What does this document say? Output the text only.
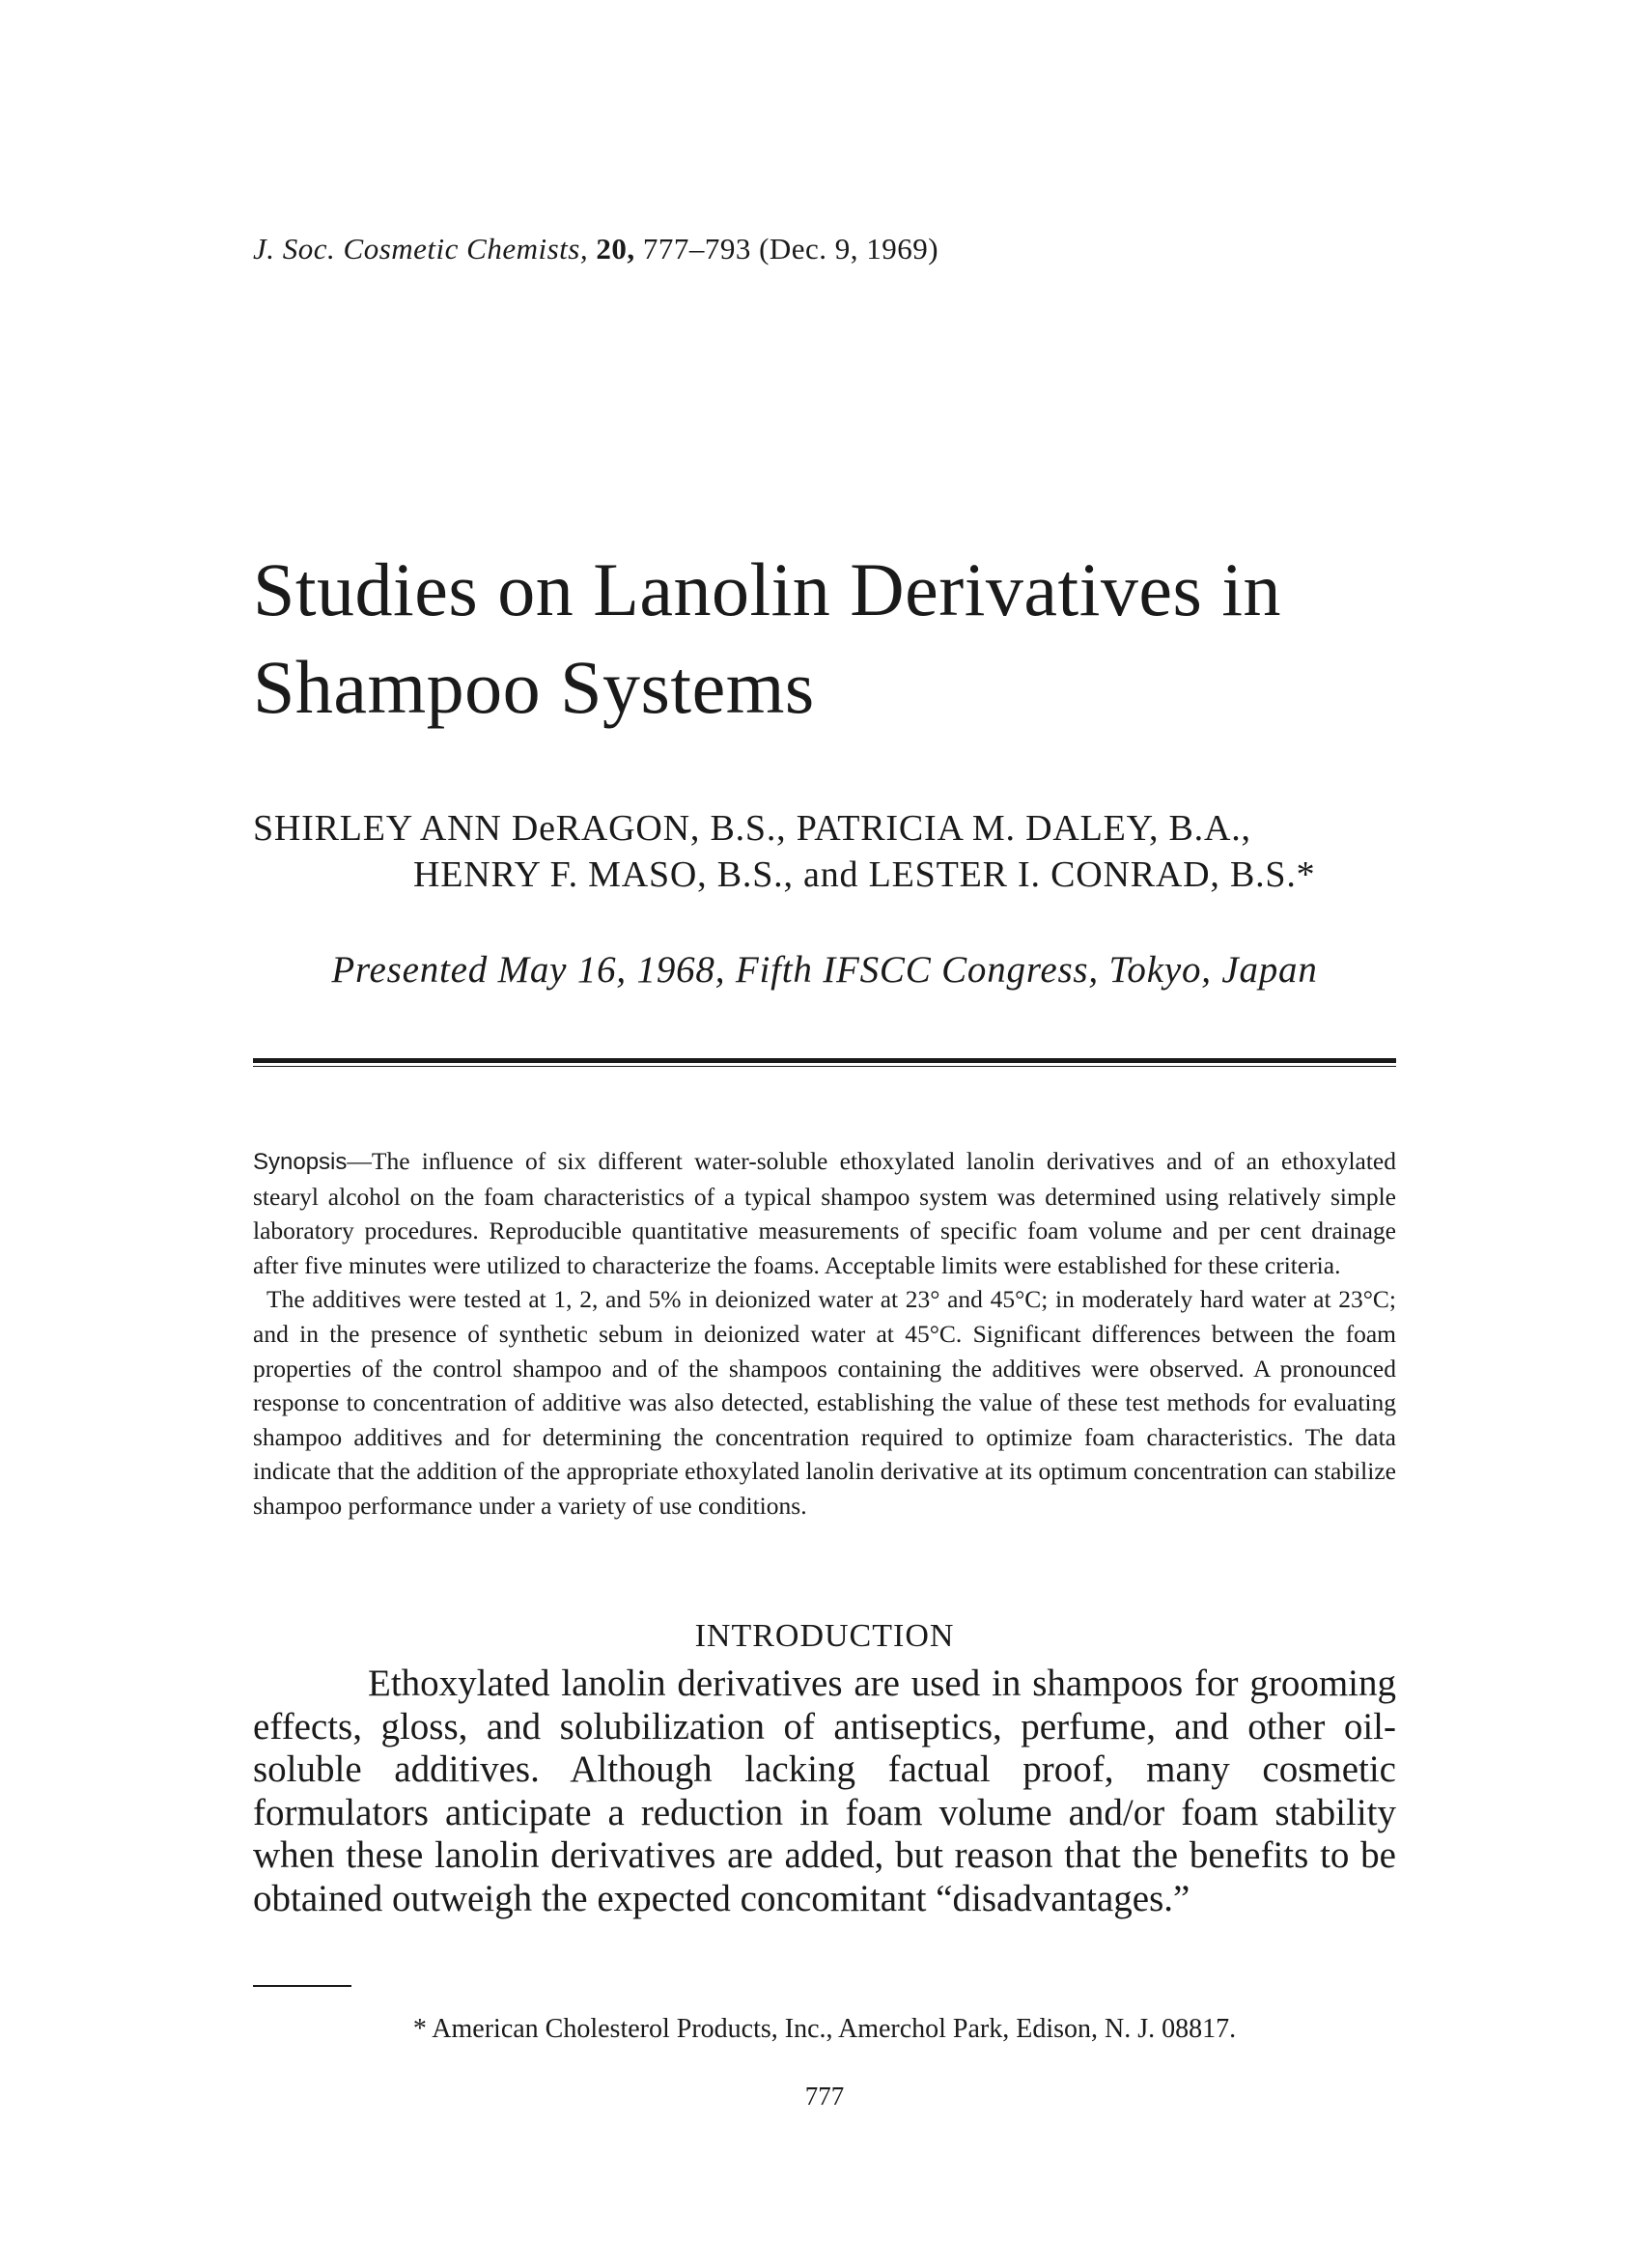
J. Soc. Cosmetic Chemists, 20, 777–793 (Dec. 9, 1969)
Studies on Lanolin Derivatives in
Shampoo Systems
SHIRLEY ANN DeRAGON, B.S., PATRICIA M. DALEY, B.A.,
HENRY F. MASO, B.S., and LESTER I. CONRAD, B.S.*
Presented May 16, 1968, Fifth IFSCC Congress, Tokyo, Japan

Synopsis—The influence of six different water-soluble ethoxylated lanolin derivatives and of an ethoxylated stearyl alcohol on the foam characteristics of a typical shampoo system was determined using relatively simple laboratory procedures. Reproducible quantitative measurements of specific foam volume and per cent drainage after five minutes were utilized to characterize the foams. Acceptable limits were established for these criteria.

The additives were tested at 1, 2, and 5% in deionized water at 23° and 45°C; in moderately hard water at 23°C; and in the presence of synthetic sebum in deionized water at 45°C. Significant differences between the foam properties of the control shampoo and of the shampoos containing the additives were observed. A pronounced response to concentration of additive was also detected, establishing the value of these test methods for evaluating shampoo additives and for determining the concentration required to optimize foam characteristics. The data indicate that the addition of the appropriate ethoxylated lanolin derivative at its optimum concentration can stabilize shampoo performance under a variety of use conditions.

INTRODUCTION

Ethoxylated lanolin derivatives are used in shampoos for grooming effects, gloss, and solubilization of antiseptics, perfume, and other oil-soluble additives. Although lacking factual proof, many cosmetic formulators anticipate a reduction in foam volume and/or foam stability when these lanolin derivatives are added, but reason that the benefits to be obtained outweigh the expected concomitant “disadvantages.”

* American Cholesterol Products, Inc., Amerchol Park, Edison, N. J. 08817.
777
